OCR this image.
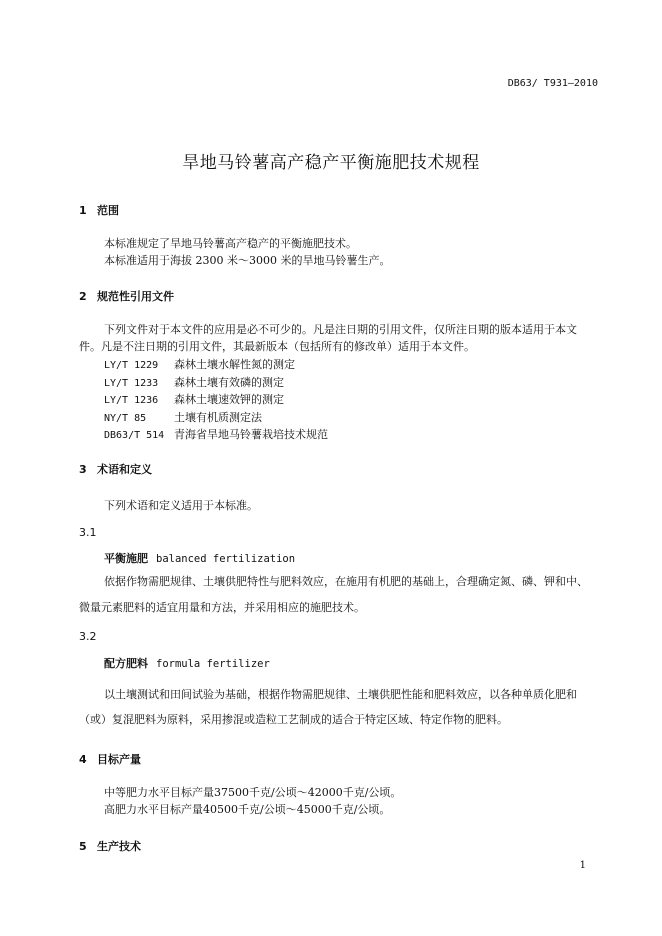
DB63/ T931—2010
旱地马铃薯高产稳产平衡施肥技术规程
1 范围
本标准规定了旱地马铃薯高产稳产的平衡施肥技术。
本标准适用于海拔 2300 米～3000 米的旱地马铃薯生产。
2 规范性引用文件
下列文件对于本文件的应用是必不可少的。凡是注日期的引用文件，仅所注日期的版本适用于本文
件。凡是不注日期的引用文件，其最新版本（包括所有的修改单）适用于本文件。
LY/T 1229 森林土壤水解性氮的测定
LY/T 1233 森林土壤有效磷的测定
LY/T 1236 森林土壤速效钾的测定
NY/T 85	土壤有机质测定法
DB63/T 514 青海省旱地马铃薯栽培技术规范
3 术语和定义
下列术语和定义适用于本标准。
3.1
平衡施肥 balanced fertilization
依据作物需肥规律、土壤供肥特性与肥料效应，在施用有机肥的基础上，合理确定氮、磷、钾和中、
微量元素肥料的适宜用量和方法，并采用相应的施肥技术。
3.2
配方肥料 formula fertilizer
以土壤测试和田间试验为基础，根据作物需肥规律、土壤供肥性能和肥料效应，以各种单质化肥和
（或）复混肥料为原料，采用掺混或造粒工艺制成的适合于特定区域、特定作物的肥料。
4 目标产量
中等肥力水平目标产量37500千克/公顷～42000千克/公顷。
高肥力水平目标产量40500千克/公顷～45000千克/公顷。
5 生产技术
1
